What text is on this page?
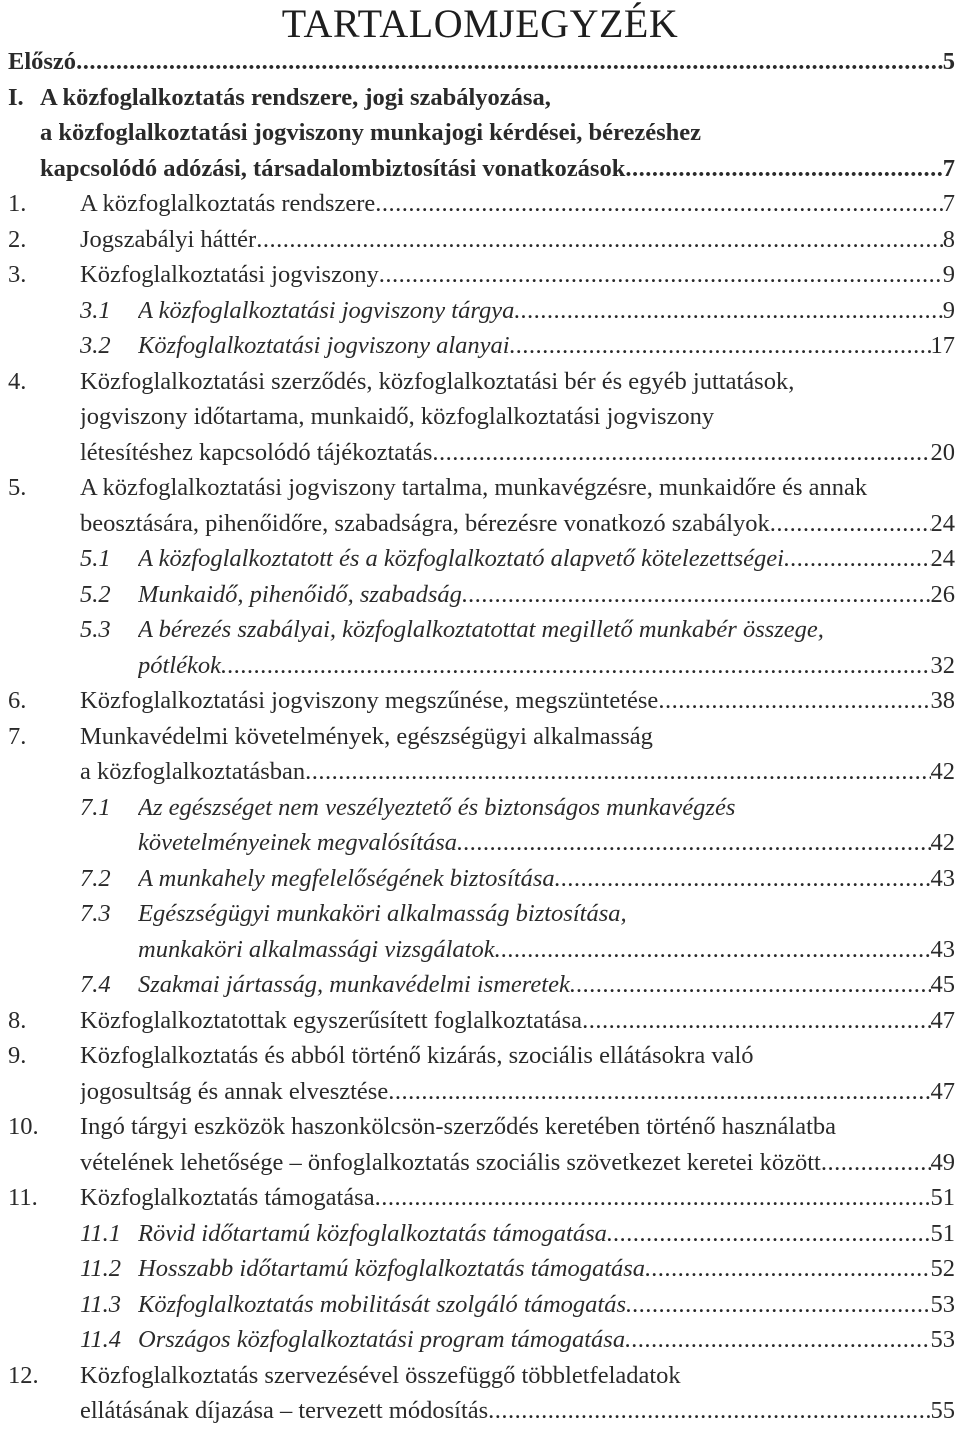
TARTALOMJEGYZÉK
Előszó .....	5
I. A közfoglalkoztatás rendszere, jogi szabályozása,
a közfoglalkoztatási jogviszony munkajogi kérdései, bérezéshez
kapcsolódó adózási, társadalombiztosítási vonatkozások .....	7
1. A közfoglalkoztatás rendszere .....	7
2. Jogszabályi háttér .....	8
3. Közfoglalkoztatási jogviszony .....	9
3.1 A közfoglalkoztatási jogviszony tárgya .....	9
3.2 Közfoglalkoztatási jogviszony alanyai .....	17
4. Közfoglalkoztatási szerződés, közfoglalkoztatási bér és egyéb juttatások,
jogviszony időtartama, munkaidő, közfoglalkoztatási jogviszony
létesítéshez kapcsolódó tájékoztatás .....	20
5. A közfoglalkoztatási jogviszony tartalma, munkavégzésre, munkaidőre és annak
beosztására, pihenőidőre, szabadságra, bérezésre vonatkozó szabályok .....	24
5.1 A közfoglalkoztatott és a közfoglalkoztató alapvető kötelezettségei .....	24
5.2 Munkaidő, pihenőidő, szabadság .....	26
5.3 A bérezés szabályai, közfoglalkoztatottat megillető munkabér összege,
pótlékok .....	32
6. Közfoglalkoztatási jogviszony megszűnése, megszüntetése .....	38
7. Munkavédelmi követelmények, egészségügyi alkalmasság
a közfoglalkoztatásban .....	42
7.1 Az egészséget nem veszélyeztető és biztonságos munkavégzés
követelményeinek megvalósítása .....	42
7.2 A munkahely megfelelőségének biztosítása .....	43
7.3 Egészségügyi munkaköri alkalmasság biztosítása,
munkaköri alkalmassági vizsgálatok .....	43
7.4 Szakmai jártasság, munkavédelmi ismeretek .....	45
8. Közfoglalkoztatottak egyszerűsített foglalkoztatása .....	47
9. Közfoglalkoztatás és abból történő kizárás, szociális ellátásokra való
jogosultság és annak elvesztése .....	47
10. Ingó tárgyi eszközök haszonkölcsön-szerződés keretében történő használatba
vételének lehetősége – önfoglalkoztatás szociális szövetkezet keretei között .....	49
11. Közfoglalkoztatás támogatása .....	51
11.1 Rövid időtartamú közfoglalkoztatás támogatása .....	51
11.2 Hosszabb időtartamú közfoglalkoztatás támogatása .....	52
11.3 Közfoglalkoztatás mobilitását szolgáló támogatás .....	53
11.4 Országos közfoglalkoztatási program támogatása .....	53
12. Közfoglalkoztatás szervezésével összefüggő többletfeladatok
ellátásának díjazása – tervezett módosítás .....	55
